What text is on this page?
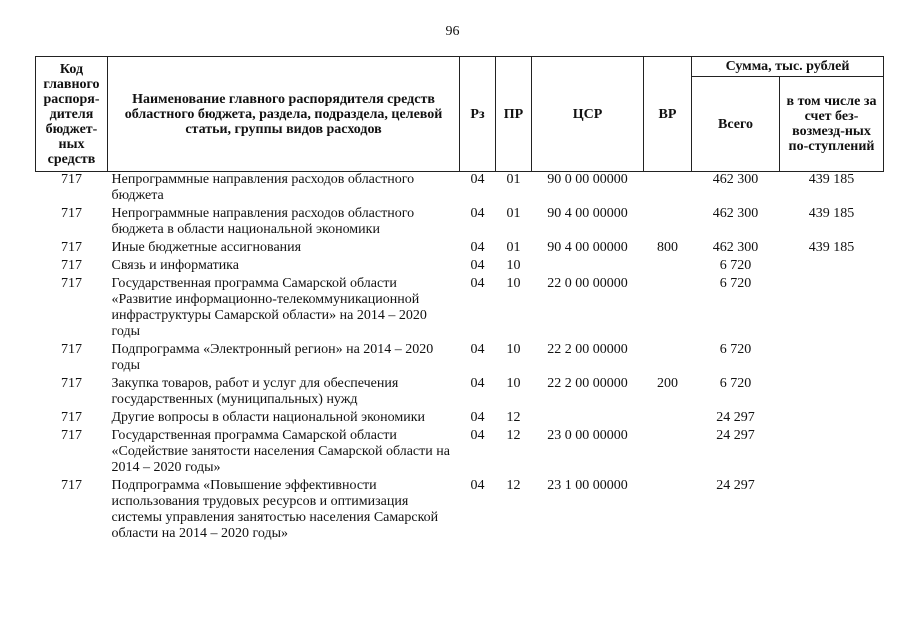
96
Код главного распоря-дителя бюджет-ных средств	Наименование главного распорядителя средств областного бюджета, раздела, подраздела, целевой статьи, группы видов расходов	Рз	ПР	ЦСР	ВР	Сумма, тыс. рублей	
						Всего	в том числе за счет без-возмезд-ных по-ступлений
717	Непрограммные направления расходов областного бюджета	04	01	90 0 00 00000		462 300	439 185
717	Непрограммные направления расходов областного бюджета в области национальной экономики	04	01	90 4 00 00000		462 300	439 185
717	Иные бюджетные ассигнования	04	01	90 4 00 00000	800	462 300	439 185
717	Связь и информатика	04	10			6 720	
717	Государственная программа Самарской области «Развитие информационно-телекоммуникационной инфраструктуры Самарской области» на 2014 – 2020 годы	04	10	22 0 00 00000		6 720	
717	Подпрограмма «Электронный регион» на 2014 – 2020 годы	04	10	22 2 00 00000		6 720	
717	Закупка товаров, работ и услуг для обеспечения государственных (муниципальных) нужд	04	10	22 2 00 00000	200	6 720	
717	Другие вопросы в области национальной экономики	04	12			24 297	
717	Государственная программа Самарской области «Содействие занятости населения Самарской области на 2014 – 2020 годы»	04	12	23 0 00 00000		24 297	
717	Подпрограмма «Повышение эффективности использования трудовых ресурсов и оптимизация системы управления занятостью населения Самарской области на 2014 – 2020 годы»	04	12	23 1 00 00000		24 297	
